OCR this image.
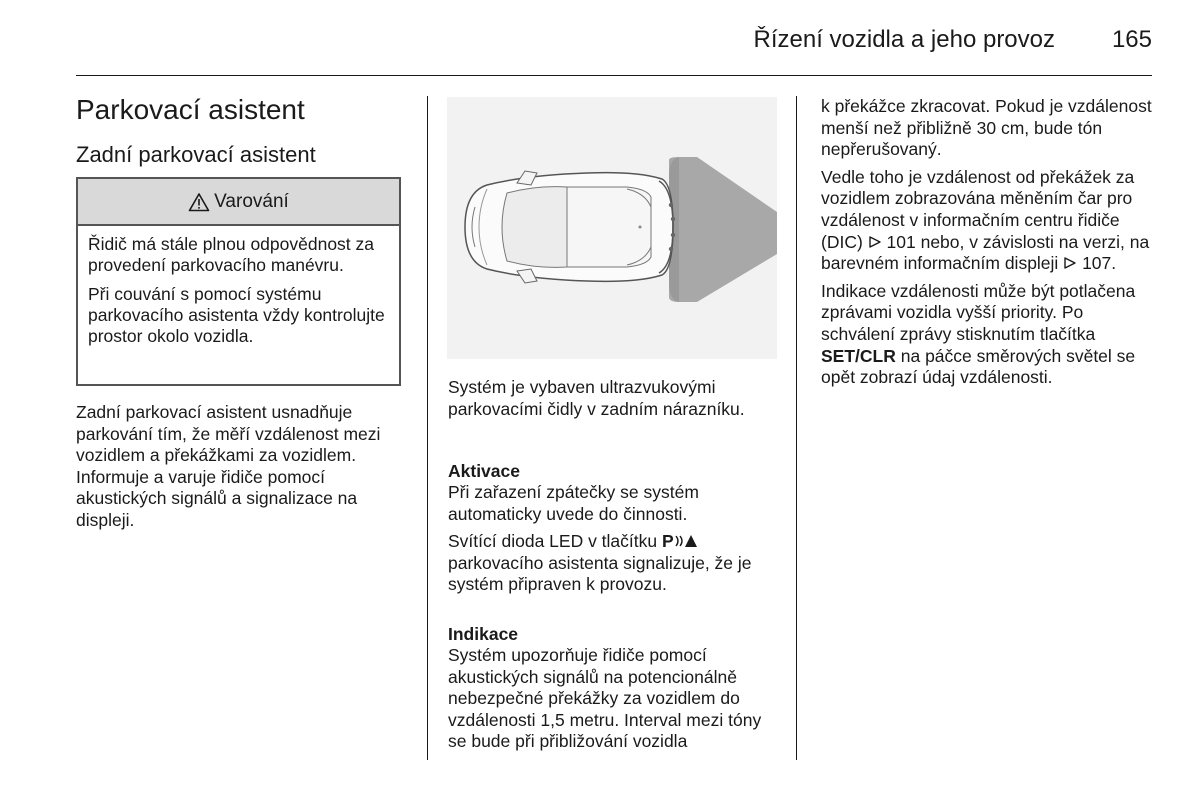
Řízení vozidla a jeho provoz	165
Parkovací asistent
Zadní parkovací asistent
Varování

Řidič má stále plnou odpovědnost za provedení parkovacího manévru.

Při couvání s pomocí systému parkovacího asistenta vždy kontrolujte prostor okolo vozidla.

Zadní parkovací asistent usnadňuje parkování tím, že měří vzdálenost mezi vozidlem a překážkami za vozidlem. Informuje a varuje řidiče pomocí akustických signálů a signalizace na displeji.

Systém je vybaven ultrazvukovými parkovacími čidly v zadním nárazníku.

Aktivace

Při zařazení zpátečky se systém automaticky uvede do činnosti.

Svítící dioda LED v tlačítku P parkovacího asistenta signalizuje, že je systém připraven k provozu.

Indikace

Systém upozorňuje řidiče pomocí akustických signálů na potencionálně nebezpečné překážky za vozidlem do vzdálenosti 1,5 metru. Interval mezi tóny se bude při přibližování vozidla

k překážce zkracovat. Pokud je vzdálenost menší než přibližně 30 cm, bude tón nepřerušovaný.

Vedle toho je vzdálenost od překážek za vozidlem zobrazována měněním čar pro vzdálenost v informačním centru řidiče (DIC)  101 nebo, v závislosti na verzi, na barevném informačním displeji  107.

Indikace vzdálenosti může být potlačena zprávami vozidla vyšší priority. Po schválení zprávy stisknutím tlačítka SET/CLR na páčce směrových světel se opět zobrazí údaj vzdálenosti.
